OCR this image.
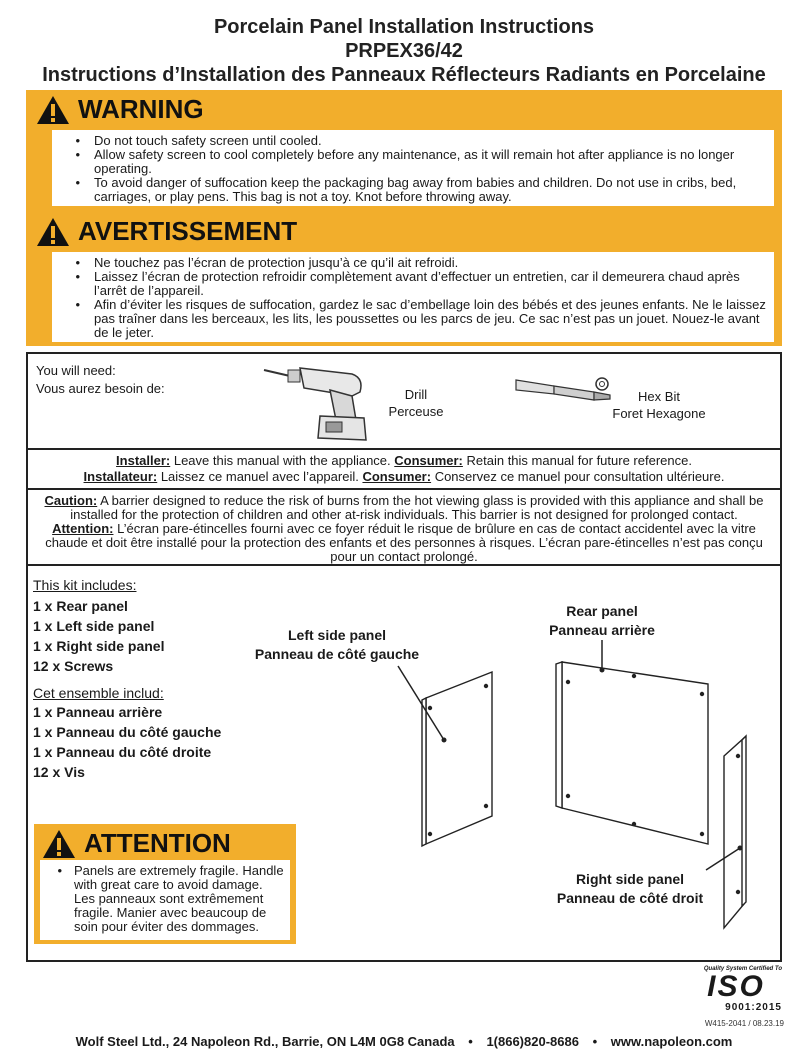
Porcelain Panel Installation Instructions
PRPEX36/42
Instructions d’Installation des Panneaux Réflecteurs Radiants en Porcelaine
WARNING
• Do not touch safety screen until cooled.
• Allow safety screen to cool completely before any maintenance, as it will remain hot after appliance is no longer operating.
• To avoid danger of suffocation keep the packaging bag away from babies and children. Do not use in cribs, bed, carriages, or play pens. This bag is not a toy. Knot before throwing away.
AVERTISSEMENT
• Ne touchez pas l’écran de protection jusqu’à ce qu’il ait refroidi.
• Laissez l’écran de protection refroidir complètement avant d’effectuer un entretien, car il demeurera chaud après l’arrêt de l’appareil.
• Afin d’éviter les risques de suffocation, gardez le sac d’embellage loin des bébés et des jeunes enfants. Ne le laissez pas traîner dans les berceaux, les lits, les poussettes ou les parcs de jeu. Ce sac n’est pas un jouet. Nouez-le avant de le jeter.
You will need:
Vous aurez besoin de:	Drill
Perceuse
Hex Bit
Foret Hexagone
Installer: Leave this manual with the appliance. Consumer: Retain this manual for future reference.
Installateur: Laissez ce manuel avec l’appareil. Consumer: Conservez ce manuel pour consultation ultérieure.
Caution: A barrier designed to reduce the risk of burns from the hot viewing glass is provided with this appliance and shall be installed for the protection of children and other at-risk individuals. This barrier is not designed for prolonged contact.
Attention: L’écran pare-étincelles fourni avec ce foyer réduit le risque de brûlure en cas de contact accidentel avec la vitre chaude et doit être installé pour la protection des enfants et des personnes à risques. L’écran pare-étincelles n’est pas conçu pour un contact prolongé.
This kit includes:
1 x Rear panel
1 x Left side panel
1 x Right side panel
12 x Screws
Cet ensemble includ:
1 x Panneau arrière
1 x Panneau du côté gauche
1 x Panneau du côté droite
12 x Vis
Left side panel
Panneau de côté gauche
Rear panel
Panneau arrière
Right side panel
Panneau de côté droit
ATTENTION
• Panels are extremely fragile. Handle with great care to avoid damage. Les panneaux sont extrêmement fragile. Manier avec beaucoup de soin pour éviter des dommages.
Quality System Certified To
ISO
9001:2015
W415-2041 / 08.23.19
Wolf Steel Ltd., 24 Napoleon Rd., Barrie, ON L4M 0G8 Canada • 1(866)820-8686 • www.napoleon.com
